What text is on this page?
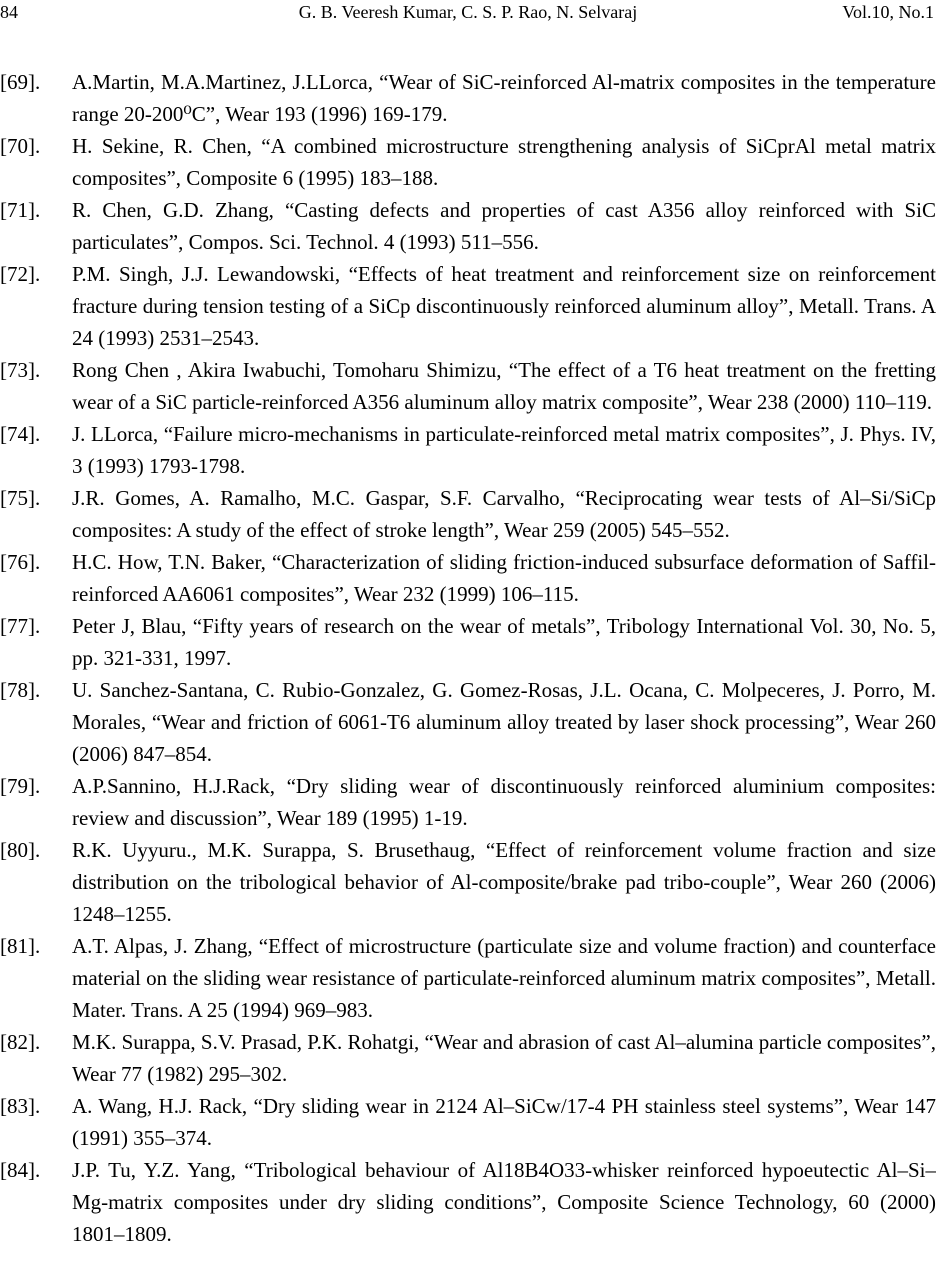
84	G. B. Veeresh Kumar, C. S. P. Rao, N. Selvaraj	Vol.10, No.1
[69]. A.Martin, M.A.Martinez, J.LLorca, “Wear of SiC-reinforced Al-matrix composites in the temperature range 20-200⁰C”, Wear 193 (1996) 169-179.
[70]. H. Sekine, R. Chen, “A combined microstructure strengthening analysis of SiCprAl metal matrix composites”, Composite 6 (1995) 183–188.
[71]. R. Chen, G.D. Zhang, “Casting defects and properties of cast A356 alloy reinforced with SiC particulates”, Compos. Sci. Technol. 4 (1993) 511–556.
[72]. P.M. Singh, J.J. Lewandowski, “Effects of heat treatment and reinforcement size on reinforcement fracture during tension testing of a SiCp discontinuously reinforced aluminum alloy”, Metall. Trans. A 24 (1993) 2531–2543.
[73]. Rong Chen , Akira Iwabuchi, Tomoharu Shimizu, “The effect of a T6 heat treatment on the fretting wear of a SiC particle-reinforced A356 aluminum alloy matrix composite”, Wear 238 (2000) 110–119.
[74]. J. LLorca, “Failure micro-mechanisms in particulate-reinforced metal matrix composites”, J. Phys. IV, 3 (1993) 1793-1798.
[75]. J.R. Gomes, A. Ramalho, M.C. Gaspar, S.F. Carvalho, “Reciprocating wear tests of Al–Si/SiCp composites: A study of the effect of stroke length”, Wear 259 (2005) 545–552.
[76]. H.C. How, T.N. Baker, “Characterization of sliding friction-induced subsurface deformation of Saffil-reinforced AA6061 composites”, Wear 232 (1999) 106–115.
[77]. Peter J, Blau, “Fifty years of research on the wear of metals”, Tribology International Vol. 30, No. 5, pp. 321-331, 1997.
[78]. U. Sanchez-Santana, C. Rubio-Gonzalez, G. Gomez-Rosas, J.L. Ocana, C. Molpeceres, J. Porro, M. Morales, “Wear and friction of 6061-T6 aluminum alloy treated by laser shock processing”, Wear 260 (2006) 847–854.
[79]. A.P.Sannino, H.J.Rack, “Dry sliding wear of discontinuously reinforced aluminium composites: review and discussion”, Wear 189 (1995) 1-19.
[80]. R.K. Uyyuru., M.K. Surappa, S. Brusethaug, “Effect of reinforcement volume fraction and size distribution on the tribological behavior of Al-composite/brake pad tribo-couple”, Wear 260 (2006) 1248–1255.
[81]. A.T. Alpas, J. Zhang, “Effect of microstructure (particulate size and volume fraction) and counterface material on the sliding wear resistance of particulate-reinforced aluminum matrix composites”, Metall. Mater. Trans. A 25 (1994) 969–983.
[82]. M.K. Surappa, S.V. Prasad, P.K. Rohatgi, “Wear and abrasion of cast Al–alumina particle composites”, Wear 77 (1982) 295–302.
[83]. A. Wang, H.J. Rack, “Dry sliding wear in 2124 Al–SiCw/17-4 PH stainless steel systems”, Wear 147 (1991) 355–374.
[84]. J.P. Tu, Y.Z. Yang, “Tribological behaviour of Al18B4O33-whisker reinforced hypoeutectic Al–Si–Mg-matrix composites under dry sliding conditions”, Composite Science Technology, 60 (2000) 1801–1809.
